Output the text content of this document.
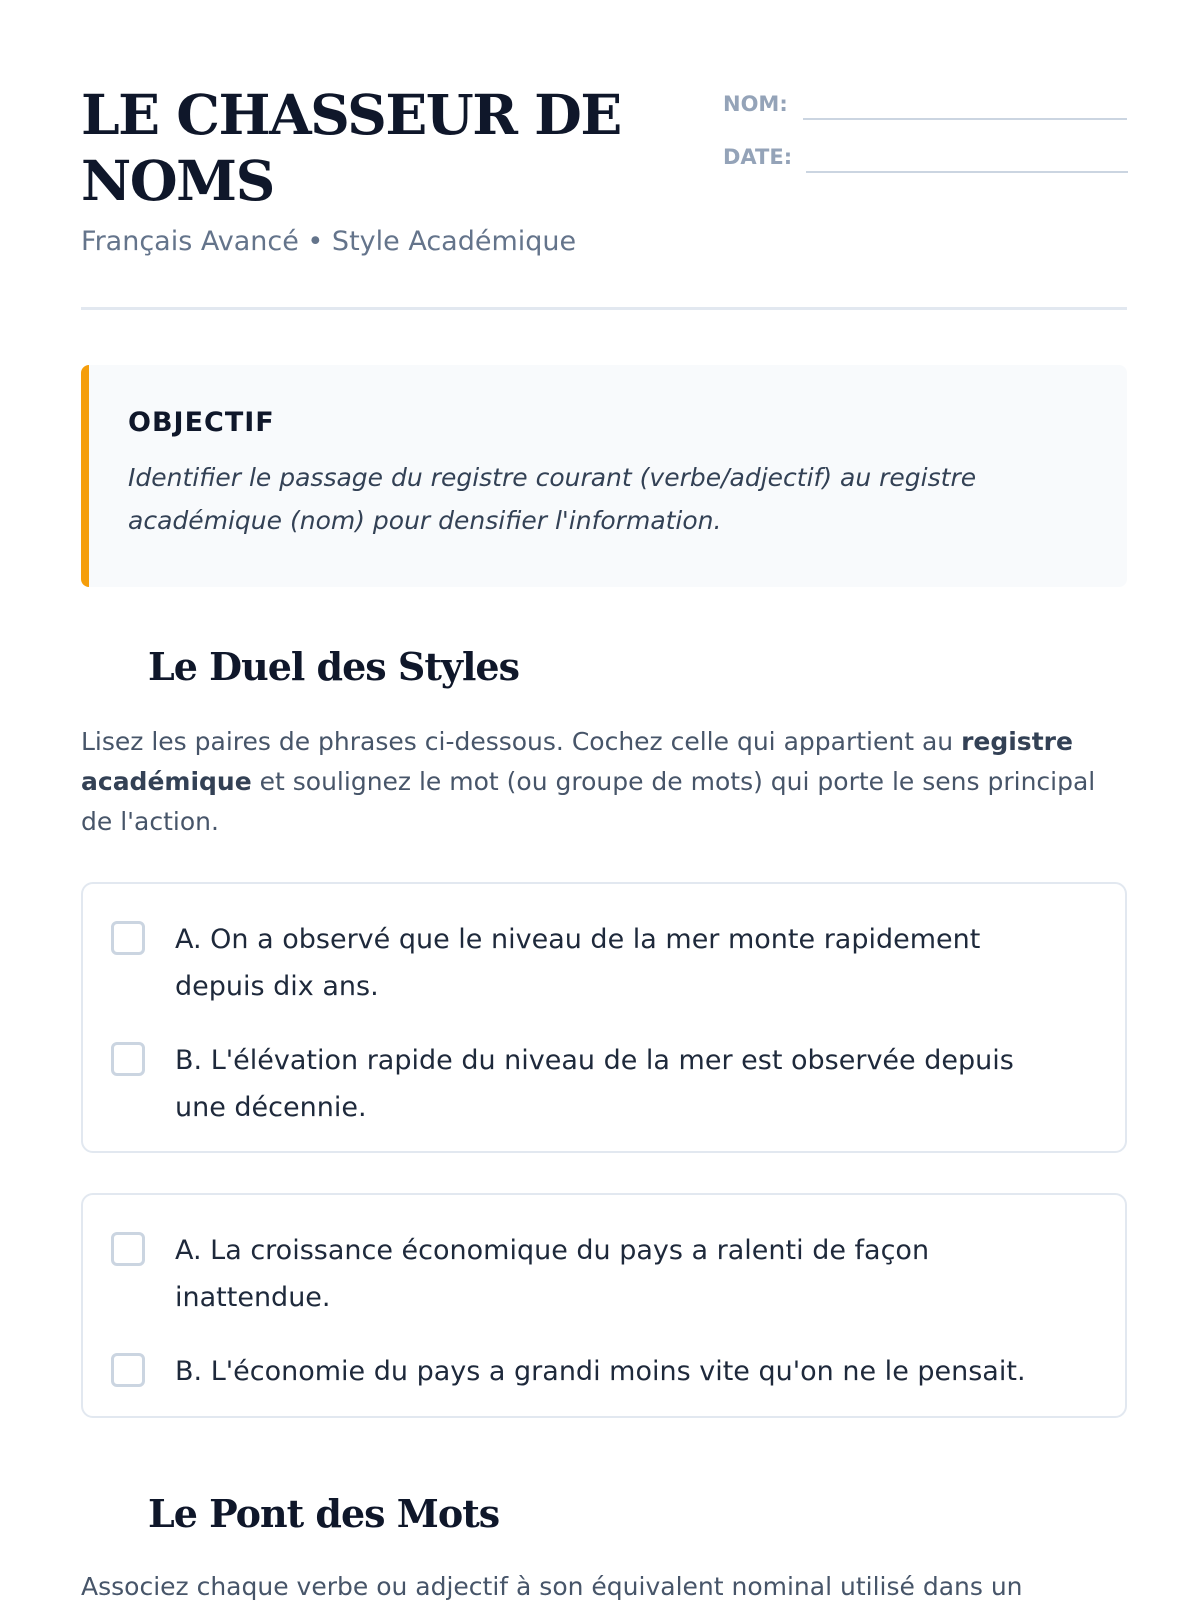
LE CHASSEUR DE NOMS
Français Avancé • Style Académique
NOM:
DATE:
OBJECTIF
Identifier le passage du registre courant (verbe/adjectif) au registre académique (nom) pour densifier l'information.
Le Duel des Styles

Lisez les paires de phrases ci-dessous. Cochez celle qui appartient au registre académique et soulignez le mot (ou groupe de mots) qui porte le sens principal de l'action.

A. On a observé que le niveau de la mer monte rapidement depuis dix ans.
B. L'élévation rapide du niveau de la mer est observée depuis une décennie.
A. La croissance économique du pays a ralenti de façon inattendue.
B. L'économie du pays a grandi moins vite qu'on ne le pensait.
Le Pont des Mots

Associez chaque verbe ou adjectif à son équivalent nominal utilisé dans un
